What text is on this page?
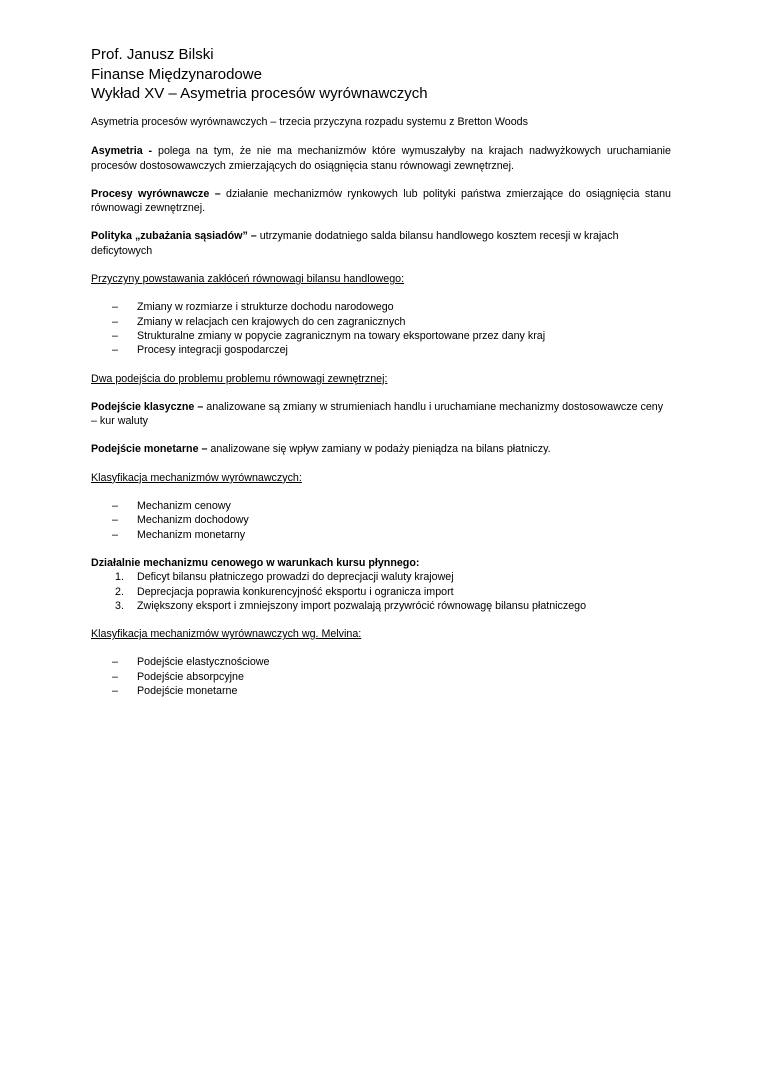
Prof. Janusz Bilski
Finanse Międzynarodowe
Wykład XV – Asymetria procesów wyrównawczych

Asymetria procesów wyrównawczych – trzecia przyczyna rozpadu systemu z Bretton Woods

Asymetria - polega na tym, że nie ma mechanizmów które wymuszałyby na krajach nadwyżkowych uruchamianie procesów dostosowawczych zmierzających do osiągnięcia stanu równowagi zewnętrznej.

Procesy wyrównawcze – działanie mechanizmów rynkowych lub polityki państwa zmierzające do osiągnięcia stanu równowagi zewnętrznej.

Polityka „zubażania sąsiadów” – utrzymanie dodatniego salda bilansu handlowego kosztem recesji w krajach deficytowych

Przyczyny powstawania zakłóceń równowagi bilansu handlowego:

– Zmiany w rozmiarze i strukturze dochodu narodowego
– Zmiany w relacjach cen krajowych do cen zagranicznych
– Strukturalne zmiany w popycie zagranicznym na towary eksportowane przez dany kraj
– Procesy integracji gospodarczej

Dwa podejścia do problemu problemu równowagi zewnętrznej:

Podejście klasyczne – analizowane są zmiany w strumieniach handlu i uruchamiane mechanizmy dostosowawcze ceny – kur waluty

Podejście monetarne – analizowane się wpływ zamiany w podaży pieniądza na bilans płatniczy.

Klasyfikacja mechanizmów wyrównawczych:

– Mechanizm cenowy
– Mechanizm dochodowy
– Mechanizm monetarny

Działalnie mechanizmu cenowego w warunkach kursu płynnego:

1. Deficyt bilansu płatniczego prowadzi do deprecjacji waluty krajowej
2. Deprecjacja poprawia konkurencyjność eksportu i ogranicza import
3. Zwiększony eksport i zmniejszony import pozwalają przywrócić równowagę bilansu płatniczego

Klasyfikacja mechanizmów wyrównawczych wg. Melvina:

– Podejście elastycznościowe
– Podejście absorpcyjne
– Podejście monetarne
